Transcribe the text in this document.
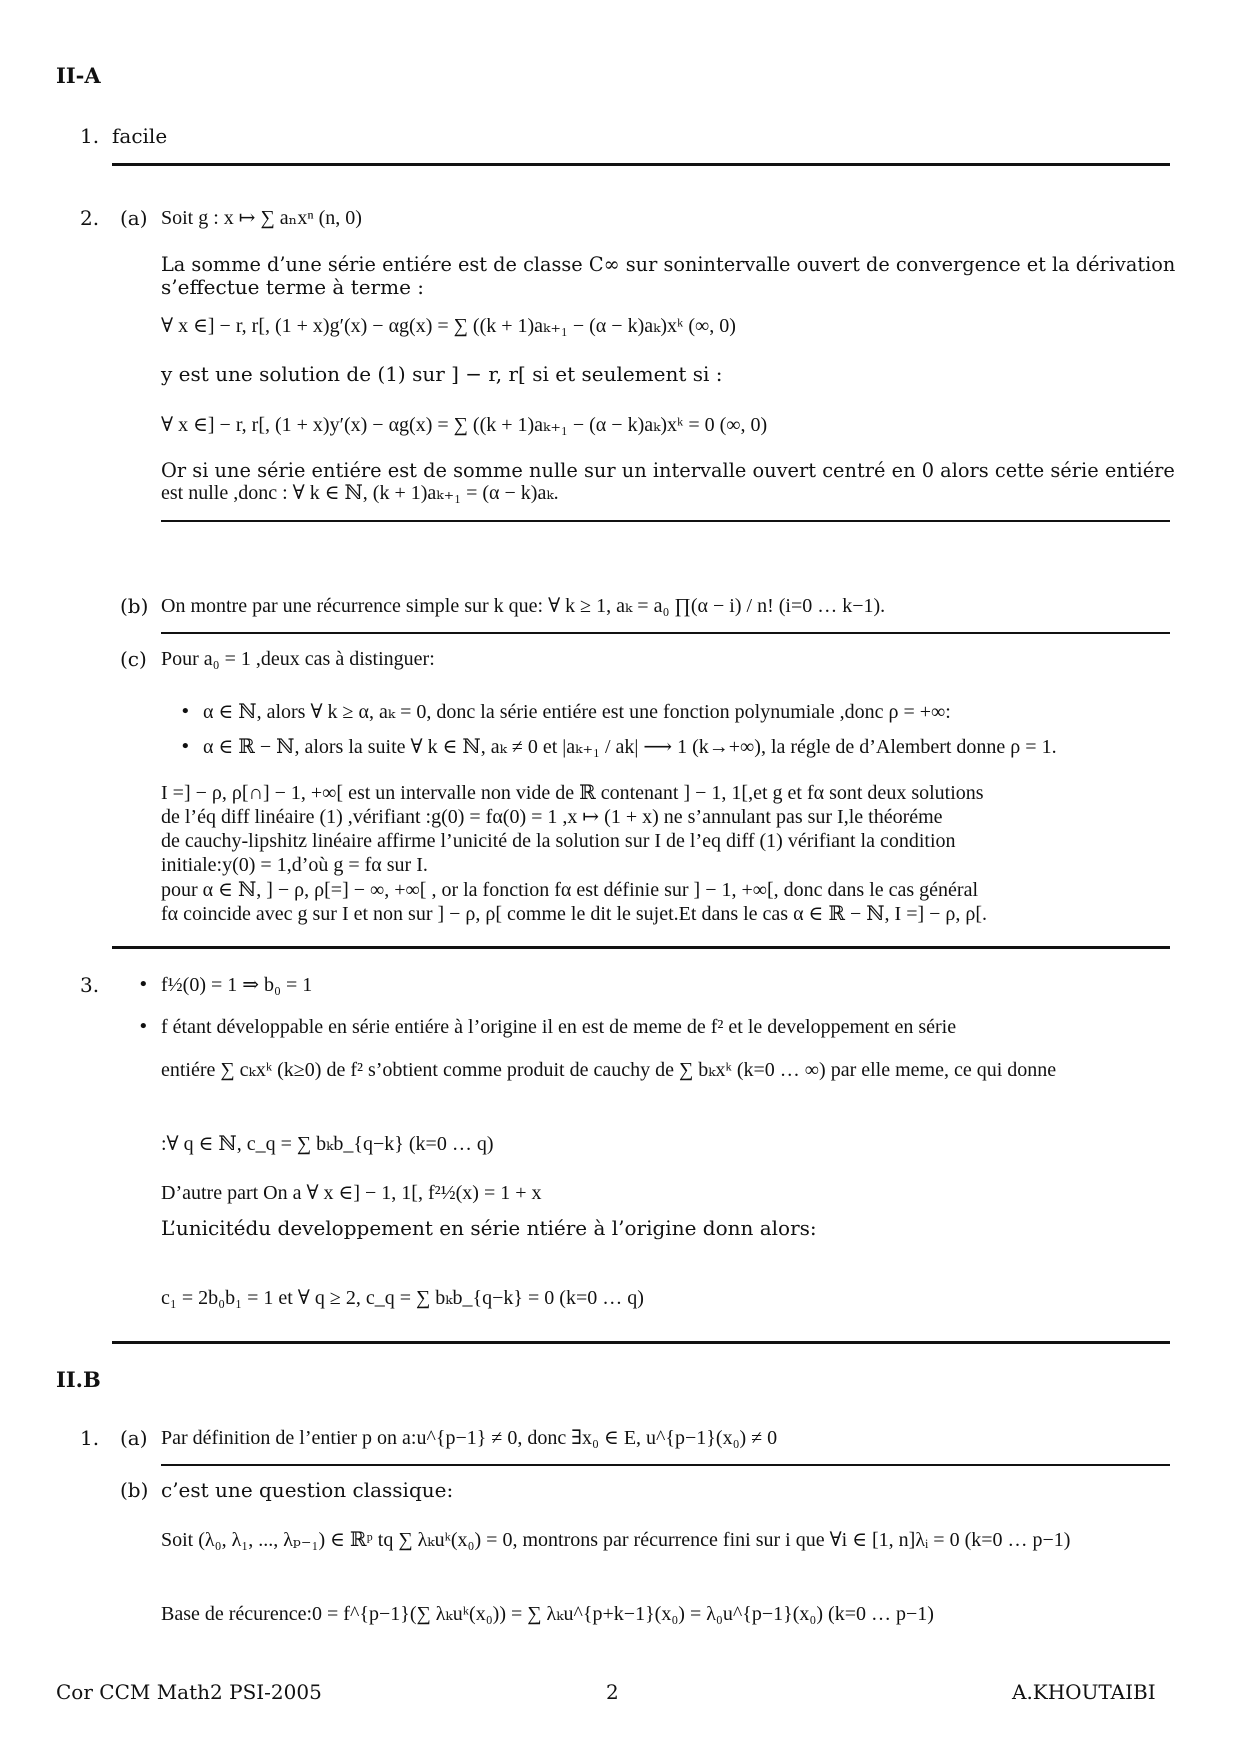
II-A
1. facile
2. (a) Soit g : x ↦ ∑ aₙxⁿ (n, 0)
La somme d’une série entiére est de classe C∞ sur sonintervalle ouvert de convergence et la dérivation
s’effectue terme à terme :
∀ x ∈] − r, r[, (1 + x)g′(x) − αg(x) = ∑ ((k + 1)aₖ₊₁ − (α − k)aₖ)xᵏ (∞, 0)
y est une solution de (1) sur ] − r, r[ si et seulement si :
∀ x ∈] − r, r[, (1 + x)y′(x) − αg(x) = ∑ ((k + 1)aₖ₊₁ − (α − k)aₖ)xᵏ = 0 (∞, 0)
Or si une série entiére est de somme nulle sur un intervalle ouvert centré en 0 alors cette série entiére
est nulle ,donc : ∀ k ∈ ℕ, (k + 1)aₖ₊₁ = (α − k)aₖ.
(b) On montre par une récurrence simple sur k que: ∀ k ≥ 1, aₖ = a₀ ∏(α − i) / n! (i=0 … k−1).
(c) Pour a₀ = 1 ,deux cas à distinguer:
• α ∈ ℕ, alors ∀ k ≥ α, aₖ = 0, donc la série entiére est une fonction polynumiale ,donc ρ = +∞:
• α ∈ ℝ − ℕ, alors la suite ∀ k ∈ ℕ, aₖ ≠ 0 et |aₖ₊₁ / ak| ⟶ 1 (k→+∞), la régle de d’Alembert donne ρ = 1.
I =] − ρ, ρ[∩] − 1, +∞[ est un intervalle non vide de ℝ contenant ] − 1, 1[,et g et fα sont deux solutions
de l’éq diff linéaire (1) ,vérifiant :g(0) = fα(0) = 1 ,x ↦ (1 + x) ne s’annulant pas sur I,le théoréme
de cauchy-lipshitz linéaire affirme l’unicité de la solution sur I de l’eq diff (1) vérifiant la condition
initiale:y(0) = 1,d’où g = fα sur I.
pour α ∈ ℕ, ] − ρ, ρ[=] − ∞, +∞[ , or la fonction fα est définie sur ] − 1, +∞[, donc dans le cas général
fα coincide avec g sur I et non sur ] − ρ, ρ[ comme le dit le sujet.Et dans le cas α ∈ ℝ − ℕ, I =] − ρ, ρ[.
3. • f½(0) = 1 ⇒ b₀ = 1
• f étant développable en série entiére à l’origine il en est de meme de f² et le developpement en série
entiére ∑ cₖxᵏ (k≥0) de f² s’obtient comme produit de cauchy de ∑ bₖxᵏ (k=0 … ∞) par elle meme, ce qui donne
:∀ q ∈ ℕ, c_q = ∑ bₖb_{q−k} (k=0 … q)
D’autre part On a ∀ x ∈] − 1, 1[, f²½(x) = 1 + x
L’unicitédu developpement en série ntiére à l’origine donn alors:
c₁ = 2b₀b₁ = 1 et ∀ q ≥ 2, c_q = ∑ bₖb_{q−k} = 0 (k=0 … q)
II.B
1. (a) Par définition de l’entier p on a:u^{p−1} ≠ 0, donc ∃x₀ ∈ E, u^{p−1}(x₀) ≠ 0
(b) c’est une question classique:
Soit (λ₀, λ₁, ..., λₚ₋₁) ∈ ℝᵖ tq ∑ λₖuᵏ(x₀) = 0, montrons par récurrence fini sur i que ∀i ∈ [1, n]λᵢ = 0 (k=0 … p−1)
Base de récurence:0 = f^{p−1}(∑ λₖuᵏ(x₀)) = ∑ λₖu^{p+k−1}(x₀) = λ₀u^{p−1}(x₀) (k=0 … p−1)
Cor CCM Math2 PSI-2005	2	A.KHOUTAIBI
